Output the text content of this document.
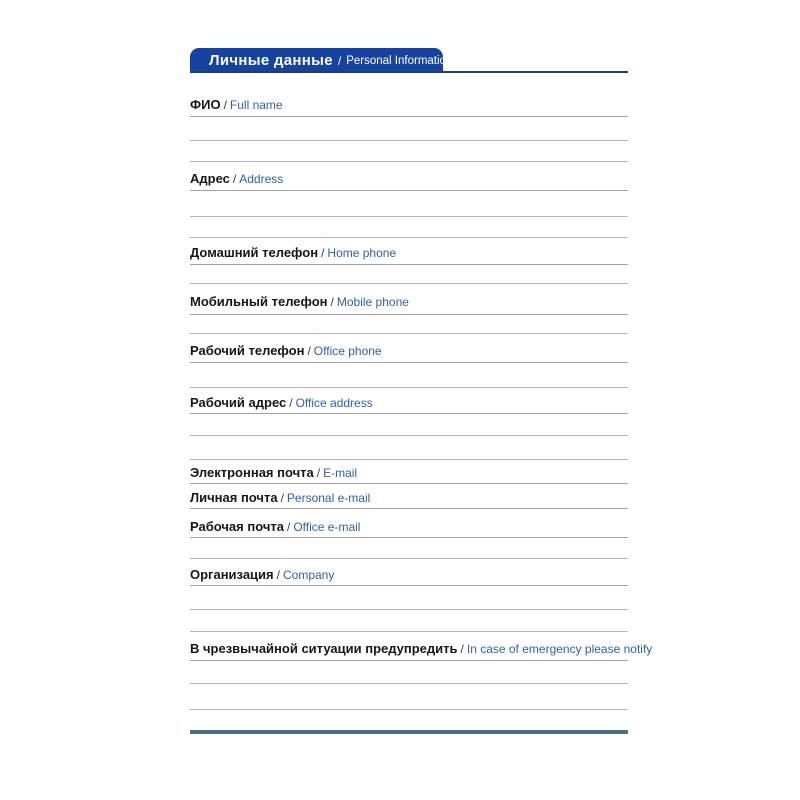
Личные данные / Personal Information
ФИО / Full name
Адрес / Address
Домашний телефон / Home phone
Мобильный телефон / Mobile phone
Рабочий телефон / Office phone
Рабочий адрес / Office address
Электронная почта / E-mail
Личная почта / Personal e-mail
Рабочая почта / Office e-mail
Организация / Company
В чрезвычайной ситуации предупредить / In case of emergency please notify
